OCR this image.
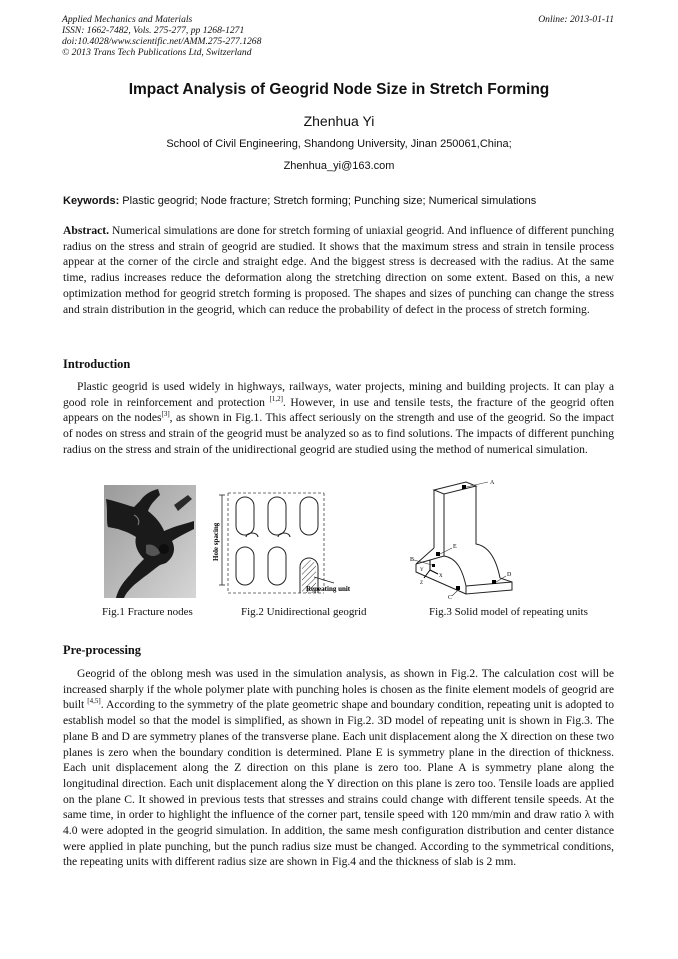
Applied Mechanics and Materials
ISSN: 1662-7482, Vols. 275-277, pp 1268-1271
doi:10.4028/www.scientific.net/AMM.275-277.1268
© 2013 Trans Tech Publications Ltd, Switzerland
Online: 2013-01-11
Impact Analysis of Geogrid Node Size in Stretch Forming
Zhenhua Yi
School of Civil Engineering, Shandong University, Jinan 250061,China;
Zhenhua_yi@163.com
Keywords: Plastic geogrid; Node fracture; Stretch forming; Punching size; Numerical simulations
Abstract. Numerical simulations are done for stretch forming of uniaxial geogrid. And influence of different punching radius on the stress and strain of geogrid are studied. It shows that the maximum stress and strain in tensile process appear at the corner of the circle and straight edge. And the biggest stress is decreased with the radius. At the same time, radius increases reduce the deformation along the stretching direction on some extent. Based on this, a new optimization method for geogrid stretch forming is proposed. The shapes and sizes of punching can change the stress and strain distribution in the geogrid, which can reduce the probability of defect in the process of stretch forming.
Introduction
Plastic geogrid is used widely in highways, railways, water projects, mining and building projects. It can play a good role in reinforcement and protection [1,2]. However, in use and tensile tests, the fracture of the geogrid often appears on the nodes[3], as shown in Fig.1. This affect seriously on the strength and use of the geogrid. So the impact of nodes on stress and strain of the geogrid must be analyzed so as to find solutions. The impacts of different punching radius on the stress and strain of the unidirectional geogrid are studied using the method of numerical simulation.
Hole spacing
Repeating unit
A
B
C
D
E
Y
X
Z
Fig.1 Fracture nodes	Fig.2 Unidirectional geogrid	Fig.3 Solid model of repeating units
Pre-processing
Geogrid of the oblong mesh was used in the simulation analysis, as shown in Fig.2. The calculation cost will be increased sharply if the whole polymer plate with punching holes is chosen as the finite element models of geogrid are built [4,5]. According to the symmetry of the plate geometric shape and boundary condition, repeating unit is adopted to establish model so that the model is simplified, as shown in Fig.2. 3D model of repeating unit is shown in Fig.3. The plane B and D are symmetry planes of the transverse plane. Each unit displacement along the X direction on these two planes is zero when the boundary condition is determined. Plane E is symmetry plane in the direction of thickness. Each unit displacement along the Z direction on this plane is zero too. Plane A is symmetry plane along the longitudinal direction. Each unit displacement along the Y direction on this plane is zero too. Tensile loads are applied on the plane C. It showed in previous tests that stresses and strains could change with different tensile speeds. At the same time, in order to highlight the influence of the corner part, tensile speed with 120 mm/min and draw ratio λ with 4.0 were adopted in the geogrid simulation. In addition, the same mesh configuration distribution and center distance were applied in plate punching, but the punch radius size must be changed. According to the symmetrical conditions, the repeating units with different radius size are shown in Fig.4 and the thickness of slab is 2 mm.
